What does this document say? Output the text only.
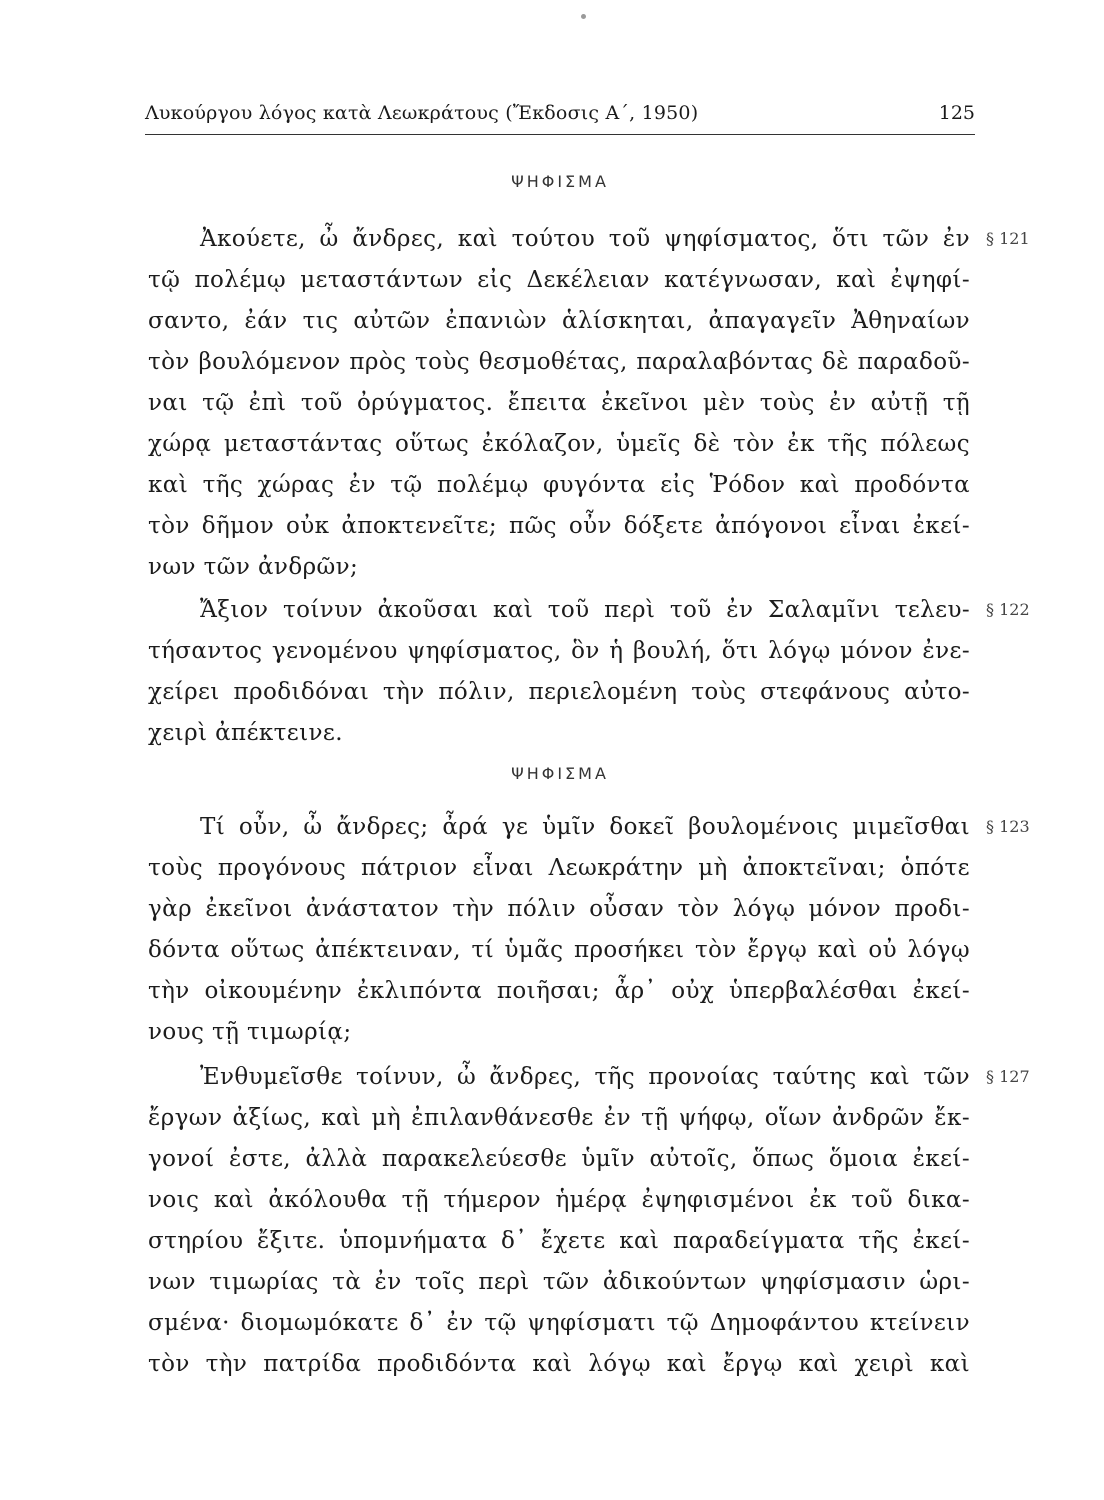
Λυκούργου λόγος κατὰ Λεωκράτους (Ἔκδοσις Α΄, 1950)	125
ΨΗΦΙΣΜΑ
Ἀκούετε, ὦ ἄνδρες, καὶ τούτου τοῦ ψηφίσματος, ὅτι τῶν ἐν
τῷ πολέμῳ μεταστάντων εἰς Δεκέλειαν κατέγνωσαν, καὶ ἐψηφί-
σαντο, ἐάν τις αὐτῶν ἐπανιὼν ἁλίσκηται, ἀπαγαγεῖν Ἀθηναίων
τὸν βουλόμενον πρὸς τοὺς θεσμοθέτας, παραλαβόντας δὲ παραδοῦ-
ναι τῷ ἐπὶ τοῦ ὀρύγματος. ἔπειτα ἐκεῖνοι μὲν τοὺς ἐν αὐτῇ τῇ
χώρᾳ μεταστάντας οὕτως ἐκόλαζον, ὑμεῖς δὲ τὸν ἐκ τῆς πόλεως
καὶ τῆς χώρας ἐν τῷ πολέμῳ φυγόντα εἰς Ῥόδον καὶ προδόντα
τὸν δῆμον οὐκ ἀποκτενεῖτε; πῶς οὖν δόξετε ἀπόγονοι εἶναι ἐκεί-
νων τῶν ἀνδρῶν;
Ἄξιον τοίνυν ἀκοῦσαι καὶ τοῦ περὶ τοῦ ἐν Σαλαμῖνι τελευ-
τήσαντος γενομένου ψηφίσματος, ὃν ἡ βουλή, ὅτι λόγῳ μόνον ἐνε-
χείρει προδιδόναι τὴν πόλιν, περιελομένη τοὺς στεφάνους αὐτο-
χειρὶ ἀπέκτεινε.
§ 121
§ 122
ΨΗΦΙΣΜΑ
Τί οὖν, ὦ ἄνδρες; ἆρά γε ὑμῖν δοκεῖ βουλομένοις μιμεῖσθαι
τοὺς προγόνους πάτριον εἶναι Λεωκράτην μὴ ἀποκτεῖναι; ὁπότε
γὰρ ἐκεῖνοι ἀνάστατον τὴν πόλιν οὖσαν τὸν λόγῳ μόνον προδι-
δόντα οὕτως ἀπέκτειναν, τί ὑμᾶς προσήκει τὸν ἔργῳ καὶ οὐ λόγῳ
τὴν οἰκουμένην ἐκλιπόντα ποιῆσαι; ἆρ᾽ οὐχ ὑπερβαλέσθαι ἐκεί-
νους τῇ τιμωρίᾳ;
Ἐνθυμεῖσθε τοίνυν, ὦ ἄνδρες, τῆς προνοίας ταύτης καὶ τῶν
ἔργων ἀξίως, καὶ μὴ ἐπιλανθάνεσθε ἐν τῇ ψήφῳ, οἵων ἀνδρῶν ἔκ-
γονοί ἐστε, ἀλλὰ παρακελεύεσθε ὑμῖν αὐτοῖς, ὅπως ὅμοια ἐκεί-
νοις καὶ ἀκόλουθα τῇ τήμερον ἡμέρᾳ ἐψηφισμένοι ἐκ τοῦ δικα-
στηρίου ἔξιτε. ὑπομνήματα δ᾽ ἔχετε καὶ παραδείγματα τῆς ἐκεί-
νων τιμωρίας τὰ ἐν τοῖς περὶ τῶν ἀδικούντων ψηφίσμασιν ὡρι-
σμένα· διομωμόκατε δ᾽ ἐν τῷ ψηφίσματι τῷ Δημοφάντου κτείνειν
τὸν τὴν πατρίδα προδιδόντα καὶ λόγῳ καὶ ἔργῳ καὶ χειρὶ καὶ
§ 123
§ 127
